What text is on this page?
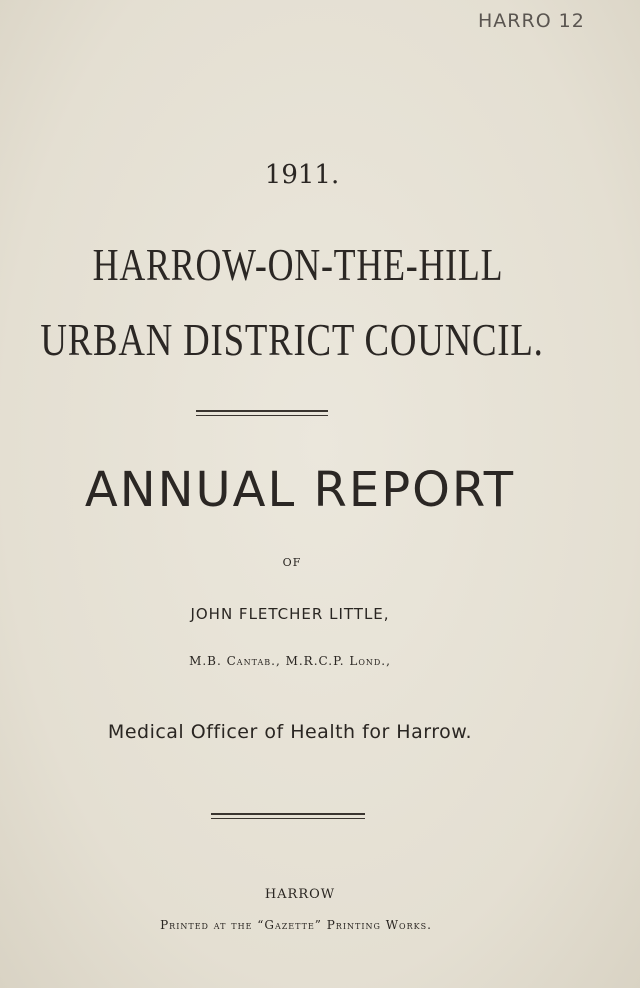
HARRO 12
1911.
HARROW-ON-THE-HILL
URBAN DISTRICT COUNCIL.
ANNUAL REPORT
OF
JOHN FLETCHER LITTLE,
M.B. Cantab., M.R.C.P. Lond.,
Medical Officer of Health for Harrow.
HARROW
Printed at the “Gazette” Printing Works.
